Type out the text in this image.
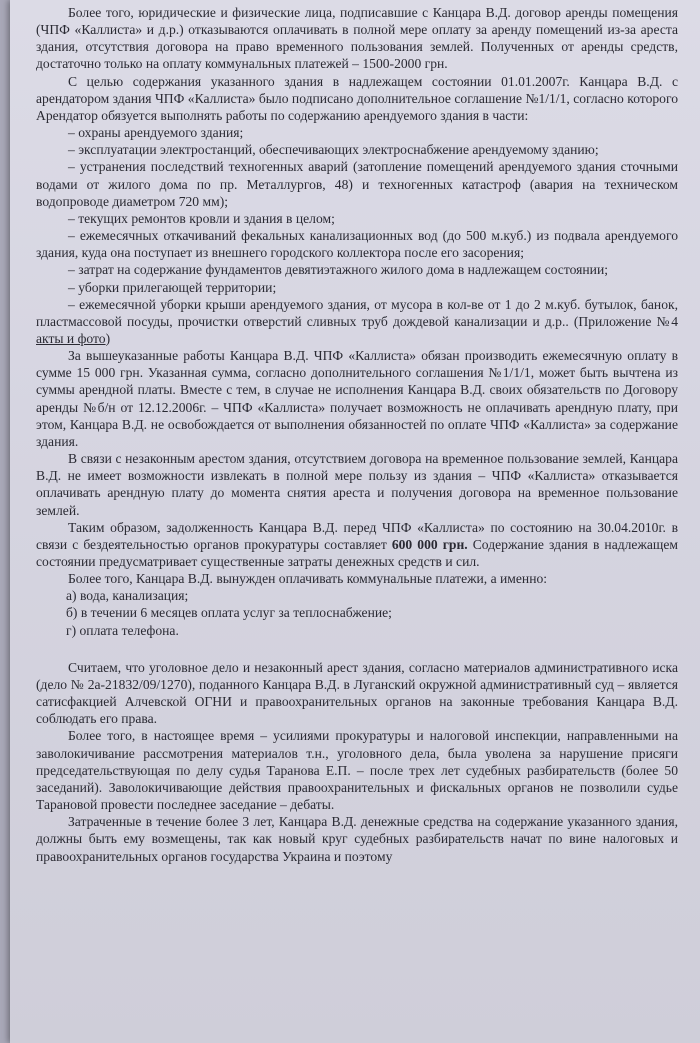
Более того, юридические и физические лица, подписавшие с Канцара В.Д. договор аренды помещения (ЧПФ «Каллиста» и д.р.) отказываются оплачивать в полной мере оплату за аренду помещений из-за ареста здания, отсутствия договора на право временного пользования землей. Полученных от аренды средств, достаточно только на оплату коммунальных платежей – 1500-2000 грн.

С целью содержания указанного здания в надлежащем состоянии 01.01.2007г. Канцара В.Д. с арендатором здания ЧПФ «Каллиста» было подписано дополнительное соглашение №1/1/1, согласно которого Арендатор обязуется выполнять работы по содержанию арендуемого здания в части:

– охраны арендуемого здания;

– эксплуатации электростанций, обеспечивающих электроснабжение арендуемому зданию;

– устранения последствий техногенных аварий (затопление помещений арендуемого здания сточными водами от жилого дома по пр. Металлургов, 48) и техногенных катастроф (авария на техническом водопроводе диаметром 720 мм);

– текущих ремонтов кровли и здания в целом;

– ежемесячных откачиваний фекальных канализационных вод (до 500 м.куб.) из подвала арендуемого здания, куда она поступает из внешнего городского коллектора после его засорения;

– затрат на содержание фундаментов девятиэтажного жилого дома в надлежащем состоянии;

– уборки прилегающей территории;

– ежемесячной уборки крыши арендуемого здания, от мусора в кол-ве от 1 до 2 м.куб. бутылок, банок, пластмассовой посуды, прочистки отверстий сливных труб дождевой канализации и д.р.. (Приложение №4 акты и фото)

За вышеуказанные работы Канцара В.Д. ЧПФ «Каллиста» обязан производить ежемесячную оплату в сумме 15 000 грн. Указанная сумма, согласно дополнительного соглашения №1/1/1, может быть вычтена из суммы арендной платы. Вместе с тем, в случае не исполнения Канцара В.Д. своих обязательств по Договору аренды №б/н от 12.12.2006г. – ЧПФ «Каллиста» получает возможность не оплачивать арендную плату, при этом, Канцара В.Д. не освобождается от выполнения обязанностей по оплате ЧПФ «Каллиста» за содержание здания.

В связи с незаконным арестом здания, отсутствием договора на временное пользование землей, Канцара В.Д. не имеет возможности извлекать в полной мере пользу из здания – ЧПФ «Каллиста» отказывается оплачивать арендную плату до момента снятия ареста и получения договора на временное пользование землей.

Таким образом, задолженность Канцара В.Д. перед ЧПФ «Каллиста» по состоянию на 30.04.2010г. в связи с бездеятельностью органов прокуратуры составляет 600 000 грн. Содержание здания в надлежащем состоянии предусматривает существенные затраты денежных средств и сил.

Более того, Канцара В.Д. вынужден оплачивать коммунальные платежи, а именно:

а) вода, канализация;

б) в течении 6 месяцев оплата услуг за теплоснабжение;

г) оплата телефона.

Считаем, что уголовное дело и незаконный арест здания, согласно материалов административного иска (дело № 2а-21832/09/1270), поданного Канцара В.Д. в Луганский окружной административный суд – является сатисфакцией Алчевской ОГНИ и правоохранительных органов на законные требования Канцара В.Д. соблюдать его права.

Более того, в настоящее время – усилиями прокуратуры и налоговой инспекции, направленными на заволокичивание рассмотрения материалов т.н., уголовного дела, была уволена за нарушение присяги председательствующая по делу судья Таранова Е.П. – после трех лет судебных разбирательств (более 50 заседаний). Заволокичивающие действия правоохранительных и фискальных органов не позволили судье Тарановой провести последнее заседание – дебаты.

Затраченные в течение более 3 лет, Канцара В.Д. денежные средства на содержание указанного здания, должны быть ему возмещены, так как новый круг судебных разбирательств начат по вине налоговых и правоохранительных органов государства Украина и поэтому
